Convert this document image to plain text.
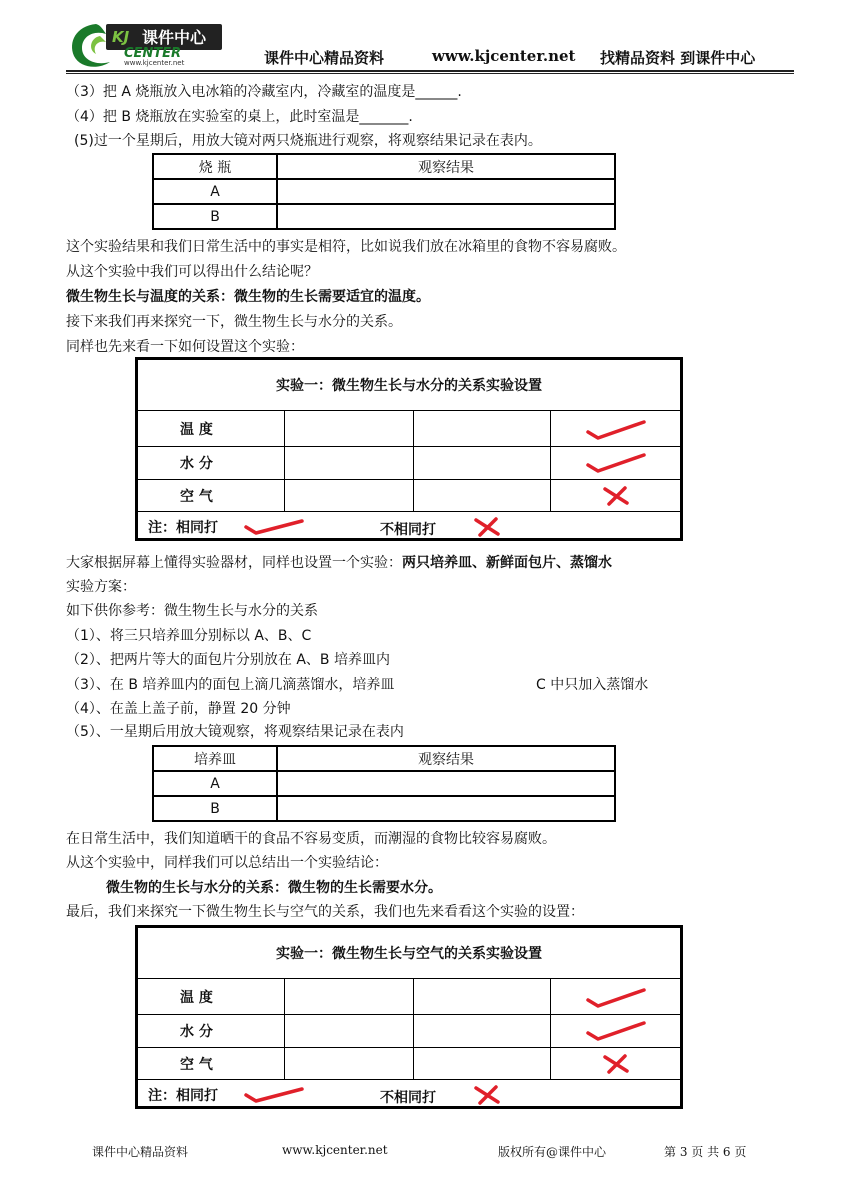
课件中心
KJ
CENTER
www.kjcenter.net	课件中心精品资料	www.kjcenter.net 找精品资料 到课件中心
（3）把 A 烧瓶放入电冰箱的冷藏室内，冷藏室的温度是______.
（4）把 B 烧瓶放在实验室的桌上，此时室温是_______.
(5)过一个星期后，用放大镜对两只烧瓶进行观察，将观察结果记录在表内。
烧 瓶	观察结果
A	
B	
这个实验结果和我们日常生活中的事实是相符，比如说我们放在冰箱里的食物不容易腐败。
从这个实验中我们可以得出什么结论呢？
微生物生长与温度的关系：微生物的生长需要适宜的温度。
接下来我们再来探究一下，微生物生长与水分的关系。
同样也先来看一下如何设置这个实验：
实验一：微生物生长与水分的关系实验设置			
温 度			

水 分			

空 气			

注：相同打 不相同打			
大家根据屏幕上懂得实验器材，同样也设置一个实验：两只培养皿、新鲜面包片、蒸馏水
实验方案：
如下供你参考：微生物生长与水分的关系
（1）、将三只培养皿分别标以 A、B、C
（2）、把两片等大的面包片分别放在 A、B 培养皿内
（3）、在 B 培养皿内的面包上滴几滴蒸馏水，培养皿	C 中只加入蒸馏水
（4）、在盖上盖子前，静置 20 分钟
（5）、一星期后用放大镜观察，将观察结果记录在表内
培养皿	观察结果
A	
B	
在日常生活中，我们知道晒干的食品不容易变质，而潮湿的食物比较容易腐败。
从这个实验中，同样我们可以总结出一个实验结论：
微生物的生长与水分的关系：微生物的生长需要水分。
最后，我们来探究一下微生物生长与空气的关系，我们也先来看看这个实验的设置：
实验一：微生物生长与空气的关系实验设置			
温 度			

水 分			

空 气			

注：相同打 不相同打			
课件中心精品资料	www.kjcenter.net	版权所有@课件中心	第 3 页 共 6 页
